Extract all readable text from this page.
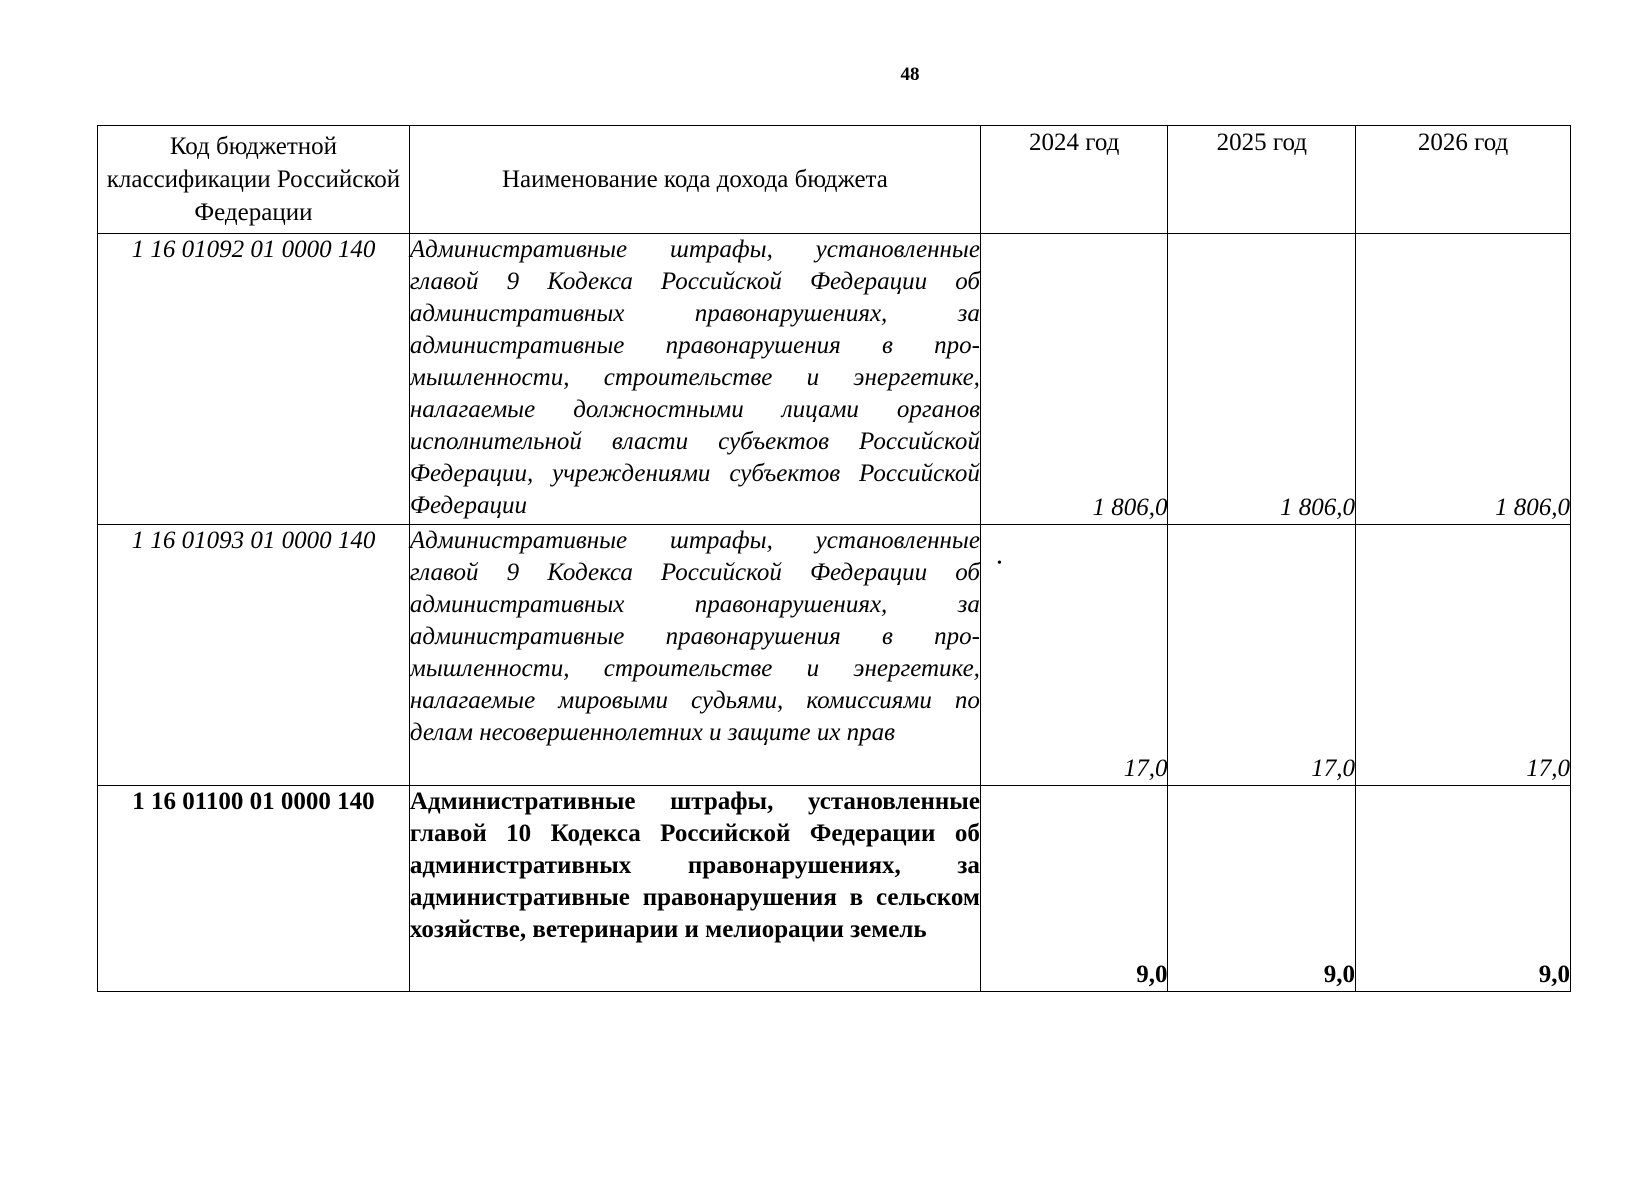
48
Код бюджетной классификации Российской Федерации	Наименование кода дохода бюджета	2024 год	2025 год	2026 год
1 16 01092 01 0000 140	Административные штрафы, установленные главой 9 Кодекса Российской Федерации об административных правонарушениях, за административные правонарушения в промышленности, строительстве и энергетике, налагаемые должностными лицами органов исполнительной власти субъектов Российской Федерации, учреждениями субъектов Российской Федерации	1 806,0	1 806,0	1 806,0
1 16 01093 01 0000 140	Административные штрафы, установленные главой 9 Кодекса Российской Федерации об административных правонарушениях, за административные правонарушения в промышленности, строительстве и энергетике, налагаемые мировыми судьями, комиссиями по делам несовершеннолетних и защите их прав	17,0	17,0	17,0
1 16 01100 01 0000 140	Административные штрафы, установленные главой 10 Кодекса Российской Федерации об административных правонарушениях, за административные правонарушения в сельском хозяйстве, ветеринарии и мелиорации земель	9,0	9,0	9,0
•
